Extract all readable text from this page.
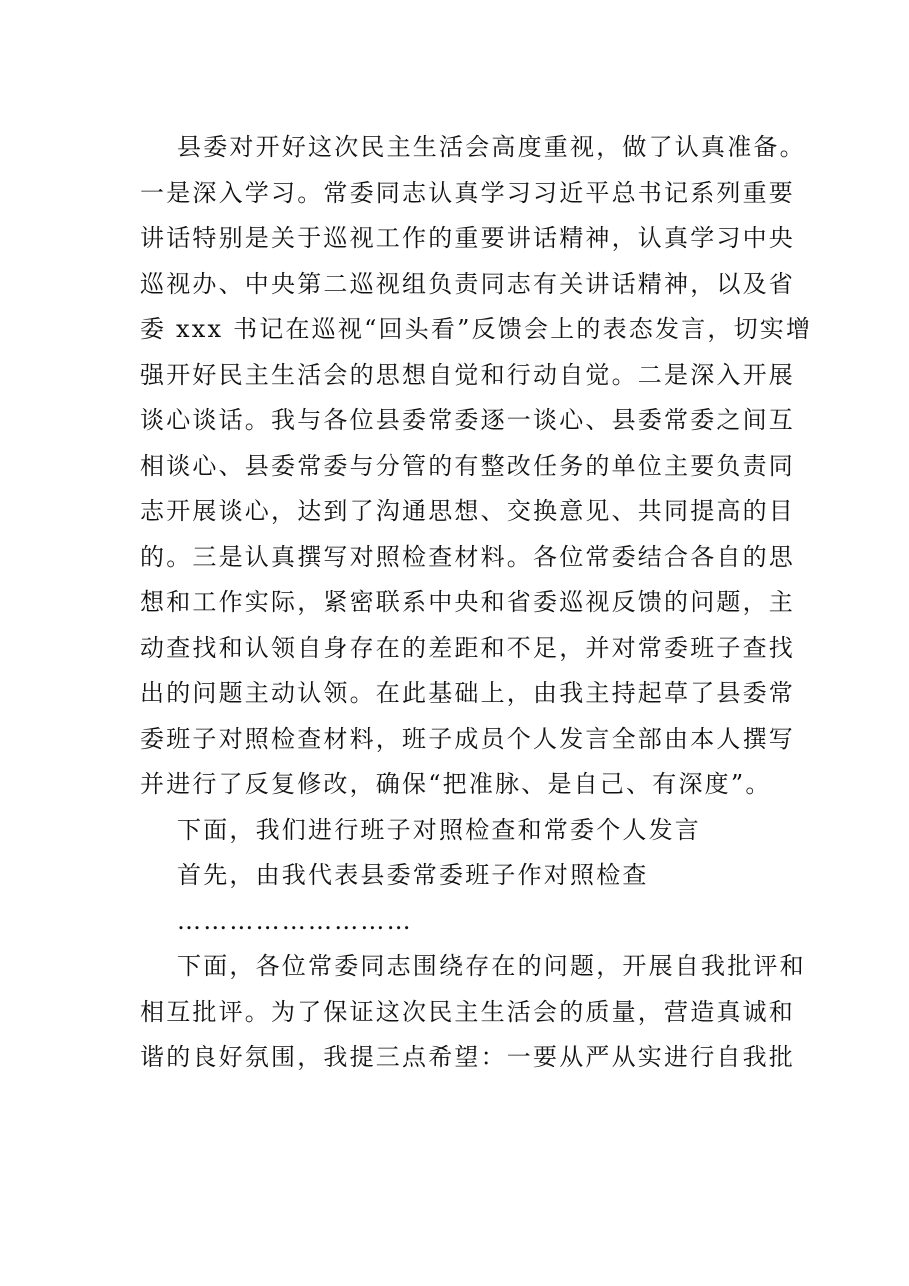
县委对开好这次民主生活会高度重视，做了认真准备。
一是深入学习。常委同志认真学习习近平总书记系列重要
讲话特别是关于巡视工作的重要讲话精神，认真学习中央
巡视办、中央第二巡视组负责同志有关讲话精神，以及省
委 xxx 书记在巡视“回头看”反馈会上的表态发言，切实增
强开好民主生活会的思想自觉和行动自觉。二是深入开展
谈心谈话。我与各位县委常委逐一谈心、县委常委之间互
相谈心、县委常委与分管的有整改任务的单位主要负责同
志开展谈心，达到了沟通思想、交换意见、共同提高的目
的。三是认真撰写对照检查材料。各位常委结合各自的思
想和工作实际，紧密联系中央和省委巡视反馈的问题，主
动查找和认领自身存在的差距和不足，并对常委班子查找
出的问题主动认领。在此基础上，由我主持起草了县委常
委班子对照检查材料，班子成员个人发言全部由本人撰写
并进行了反复修改，确保“把准脉、是自己、有深度”。
下面，我们进行班子对照检查和常委个人发言
首先，由我代表县委常委班子作对照检查
………………………
下面，各位常委同志围绕存在的问题，开展自我批评和
相互批评。为了保证这次民主生活会的质量，营造真诚和
谐的良好氛围，我提三点希望：一要从严从实进行自我批
